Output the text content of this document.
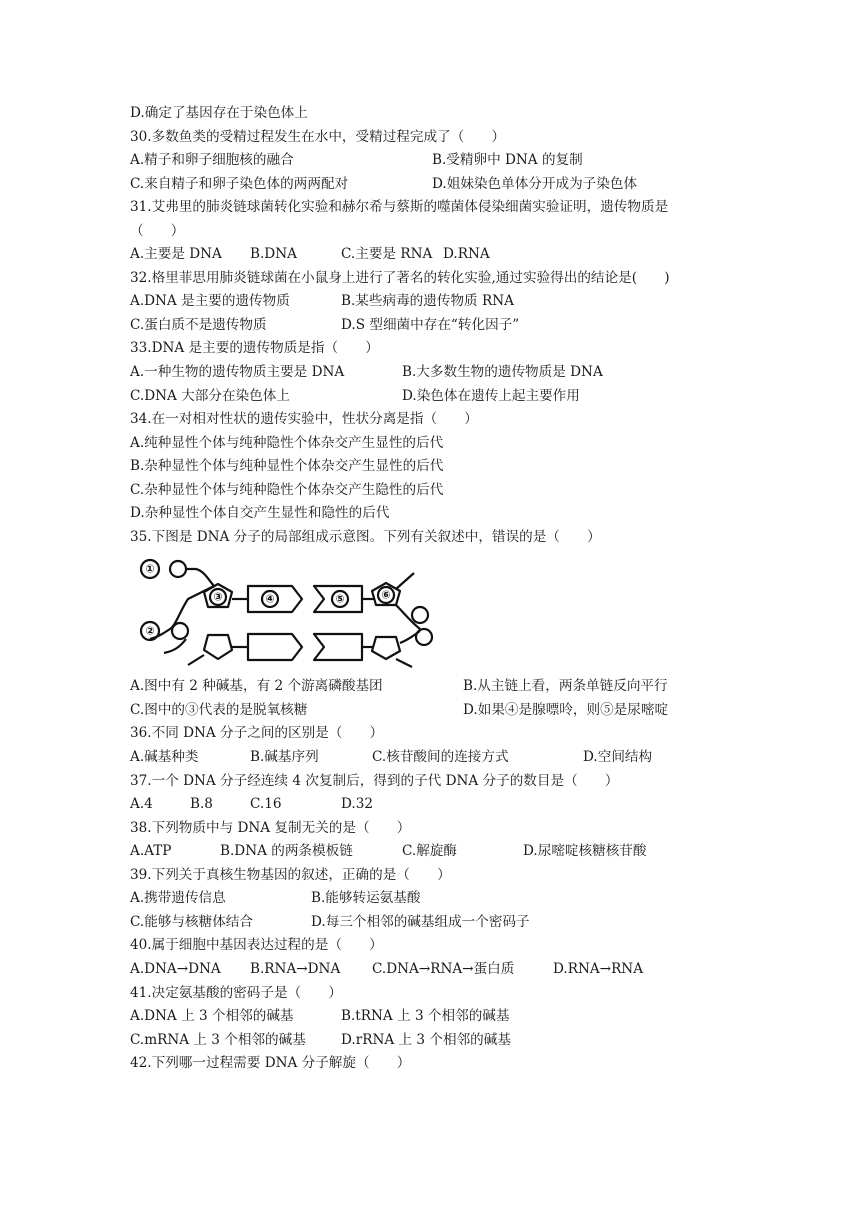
D.确定了基因存在于染色体上
30.多数鱼类的受精过程发生在水中，受精过程完成了（　　）
A.精子和卵子细胞核的融合	B.受精卵中 DNA 的复制
C.来自精子和卵子染色体的两两配对	D.姐妹染色单体分开成为子染色体
31.艾弗里的肺炎链球菌转化实验和赫尔希与蔡斯的噬菌体侵染细菌实验证明，遗传物质是
（　　）
A.主要是 DNA B.DNA	C.主要是 RNA D.RNA
32.格里菲思用肺炎链球菌在小鼠身上进行了著名的转化实验,通过实验得出的结论是(　　)
A.DNA 是主要的遗传物质	B.某些病毒的遗传物质 RNA
C.蛋白质不是遗传物质	D.S 型细菌中存在“转化因子”
33.DNA 是主要的遗传物质是指（　　）
A.一种生物的遗传物质主要是 DNA	B.大多数生物的遗传物质是 DNA
C.DNA 大部分在染色体上	D.染色体在遗传上起主要作用
34.在一对相对性状的遗传实验中，性状分离是指（　　）
A.纯种显性个体与纯种隐性个体杂交产生显性的后代
B.杂种显性个体与纯种显性个体杂交产生显性的后代
C.杂种显性个体与纯种隐性个体杂交产生隐性的后代
D.杂种显性个体自交产生显性和隐性的后代
35.下图是 DNA 分子的局部组成示意图。下列有关叙述中，错误的是（　　）
①
②
③	④	⑤	⑥
A.图中有 2 种碱基，有 2 个游离磷酸基团	B.从主链上看，两条单链反向平行
C.图中的③代表的是脱氧核糖	D.如果④是腺嘌呤，则⑤是尿嘧啶
36.不同 DNA 分子之间的区别是（　　）
A.碱基种类	B.碱基序列	C.核苷酸间的连接方式	D.空间结构
37.一个 DNA 分子经连续 4 次复制后，得到的子代 DNA 分子的数目是（　　）
A.4	B.8	C.16	D.32
38.下列物质中与 DNA 复制无关的是（　　）
A.ATP	B.DNA 的两条模板链	C.解旋酶	D.尿嘧啶核糖核苷酸
39.下列关于真核生物基因的叙述，正确的是（　　）
A.携带遗传信息	B.能够转运氨基酸
C.能够与核糖体结合	D.每三个相邻的碱基组成一个密码子
40.属于细胞中基因表达过程的是（　　）
A.DNA→DNA B.RNA→DNA C.DNA→RNA→蛋白质	D.RNA→RNA
41.决定氨基酸的密码子是（　　）
A.DNA 上 3 个相邻的碱基	B.tRNA 上 3 个相邻的碱基
C.mRNA 上 3 个相邻的碱基	D.rRNA 上 3 个相邻的碱基
42.下列哪一过程需要 DNA 分子解旋（　　）
